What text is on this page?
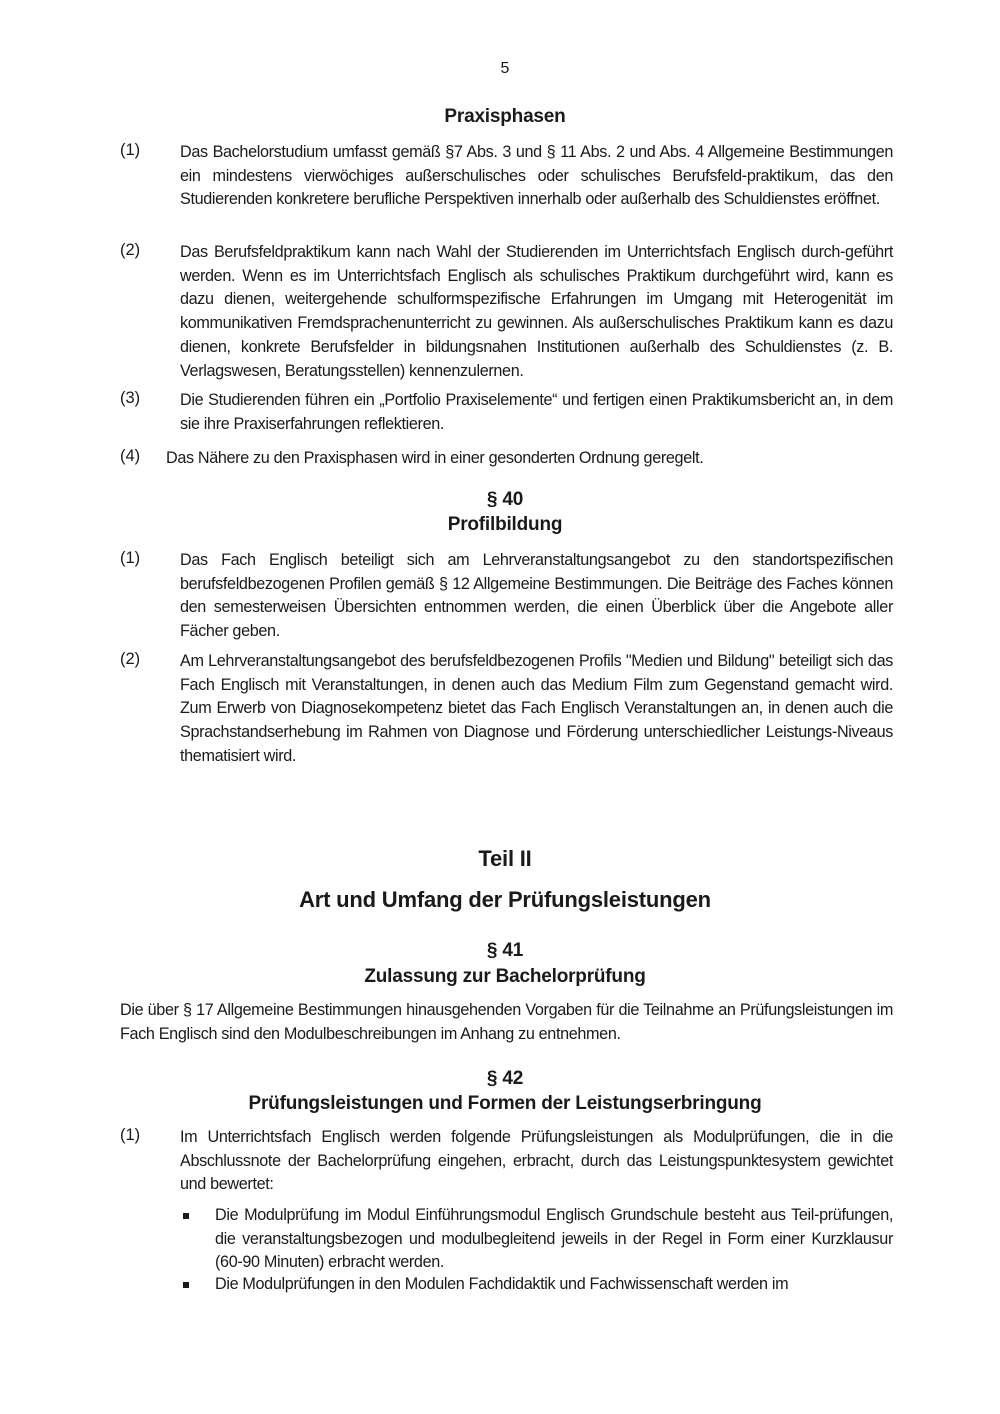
5
Praxisphasen
(1) Das Bachelorstudium umfasst gemäß §7 Abs. 3 und § 11 Abs. 2 und Abs. 4 Allgemeine Bestimmungen ein mindestens vierwöchiges außerschulisches oder schulisches Berufsfeld-praktikum, das den Studierenden konkretere berufliche Perspektiven innerhalb oder außerhalb des Schuldienstes eröffnet.
(2) Das Berufsfeldpraktikum kann nach Wahl der Studierenden im Unterrichtsfach Englisch durch-geführt werden. Wenn es im Unterrichtsfach Englisch als schulisches Praktikum durchgeführt wird, kann es dazu dienen, weitergehende schulformspezifische Erfahrungen im Umgang mit Heterogenität im kommunikativen Fremdsprachenunterricht zu gewinnen. Als außerschulisches Praktikum kann es dazu dienen, konkrete Berufsfelder in bildungsnahen Institutionen außerhalb des Schuldienstes (z. B. Verlagswesen, Beratungsstellen) kennenzulernen.
(3) Die Studierenden führen ein „Portfolio Praxiselemente“ und fertigen einen Praktikumsbericht an, in dem sie ihre Praxiserfahrungen reflektieren.
(4) Das Nähere zu den Praxisphasen wird in einer gesonderten Ordnung geregelt.
§ 40
Profilbildung
(1) Das Fach Englisch beteiligt sich am Lehrveranstaltungsangebot zu den standortspezifischen berufsfeldbezogenen Profilen gemäß § 12 Allgemeine Bestimmungen. Die Beiträge des Faches können den semesterweisen Übersichten entnommen werden, die einen Überblick über die Angebote aller Fächer geben.
(2) Am Lehrveranstaltungsangebot des berufsfeldbezogenen Profils "Medien und Bildung" beteiligt sich das Fach Englisch mit Veranstaltungen, in denen auch das Medium Film zum Gegenstand gemacht wird. Zum Erwerb von Diagnosekompetenz bietet das Fach Englisch Veranstaltungen an, in denen auch die Sprachstandserhebung im Rahmen von Diagnose und Förderung unterschiedlicher Leistungs-Niveaus thematisiert wird.
Teil II
Art und Umfang der Prüfungsleistungen
§ 41
Zulassung zur Bachelorprüfung
Die über § 17 Allgemeine Bestimmungen hinausgehenden Vorgaben für die Teilnahme an Prüfungsleistungen im Fach Englisch sind den Modulbeschreibungen im Anhang zu entnehmen.
§ 42
Prüfungsleistungen und Formen der Leistungserbringung
(1) Im Unterrichtsfach Englisch werden folgende Prüfungsleistungen als Modulprüfungen, die in die Abschlussnote der Bachelorprüfung eingehen, erbracht, durch das Leistungspunktesystem gewichtet und bewertet:
Die Modulprüfung im Modul Einführungsmodul Englisch Grundschule besteht aus Teil-prüfungen, die veranstaltungsbezogen und modulbegleitend jeweils in der Regel in Form einer Kurzklausur (60-90 Minuten) erbracht werden.
Die Modulprüfungen in den Modulen Fachdidaktik und Fachwissenschaft werden im
